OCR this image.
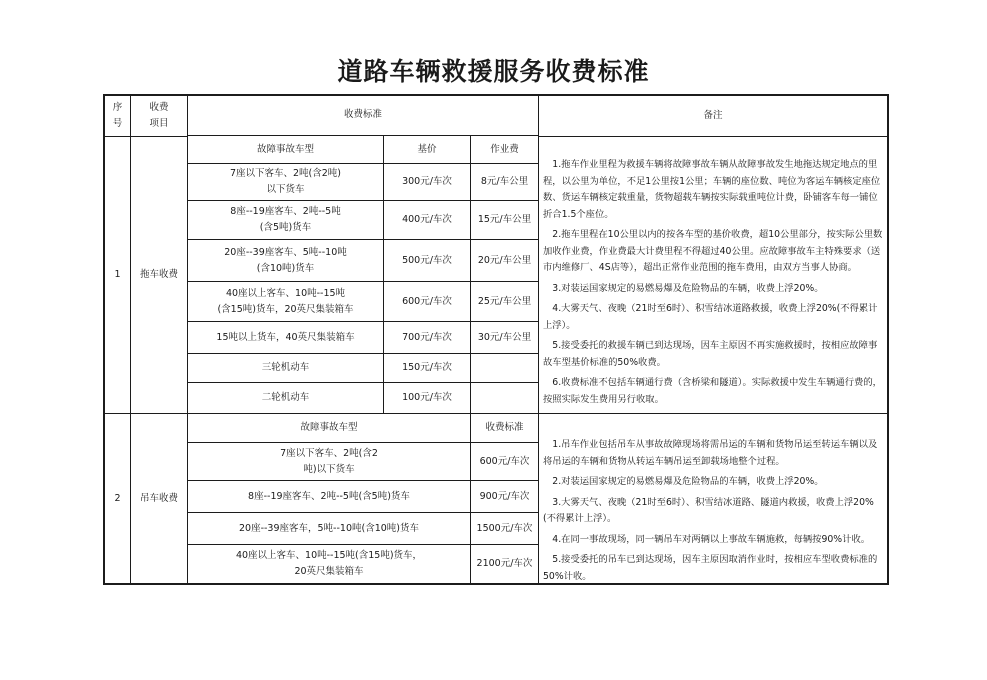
道路车辆救援服务收费标准
序
号
收费
项目
收费标准	备注
1	拖车收费
故障事故车型	基价	作业费
7座以下客车、2吨(含2吨)
以下货车
300元/车次	8元/车公里
8座--19座客车、2吨--5吨
(含5吨)货车
400元/车次	15元/车公里
20座--39座客车、5吨--10吨
(含10吨)货车
500元/车次	20元/车公里
40座以上客车、10吨--15吨
(含15吨)货车，20英尺集装箱车
600元/车次	25元/车公里
15吨以上货车，40英尺集装箱车	700元/车次	30元/车公里
三轮机动车	150元/车次
二轮机动车	100元/车次

1.拖车作业里程为救援车辆将故障事故车辆从故障事故发生地拖达规定地点的里程，以公里为单位，不足1公里按1公里；车辆的座位数、吨位为客运车辆核定座位数、货运车辆核定载重量，货物超载车辆按实际载重吨位计费，卧铺客车每一铺位折合1.5个座位。

2.拖车里程在10公里以内的按各车型的基价收费，超10公里部分，按实际公里数加收作业费，作业费最大计费里程不得超过40公里。应故障事故车主特殊要求（送市内维修厂、4S店等），超出正常作业范围的拖车费用，由双方当事人协商。

3.对装运国家规定的易燃易爆及危险物品的车辆，收费上浮20%。

4.大雾天气、夜晚（21时至6时）、积雪结冰道路救援，收费上浮20%(不得累计上浮）。

5.接受委托的救援车辆已到达现场，因车主原因不再实施救援时，按相应故障事故车型基价标准的50%收费。

6.收费标准不包括车辆通行费（含桥梁和隧道）。实际救援中发生车辆通行费的，按照实际发生费用另行收取。

2	吊车收费
故障事故车型	收费标准
7座以下客车、2吨(含2
吨)以下货车
600元/车次
8座--19座客车、2吨--5吨(含5吨)货车	900元/车次
20座--39座客车，5吨--10吨(含10吨)货车	1500元/车次
40座以上客车、10吨--15吨(含15吨)货车，
20英尺集装箱车
2100元/车次

1.吊车作业包括吊车从事故故障现场将需吊运的车辆和货物吊运至转运车辆以及将吊运的车辆和货物从转运车辆吊运至卸载场地整个过程。

2.对装运国家规定的易燃易爆及危险物品的车辆，收费上浮20%。

3.大雾天气、夜晚（21时至6时）、积雪结冰道路、隧道内救援，收费上浮20%(不得累计上浮）。

4.在同一事故现场，同一辆吊车对两辆以上事故车辆施救，每辆按90%计收。

5.接受委托的吊车已到达现场，因车主原因取消作业时，按相应车型收费标准的50%计收。
